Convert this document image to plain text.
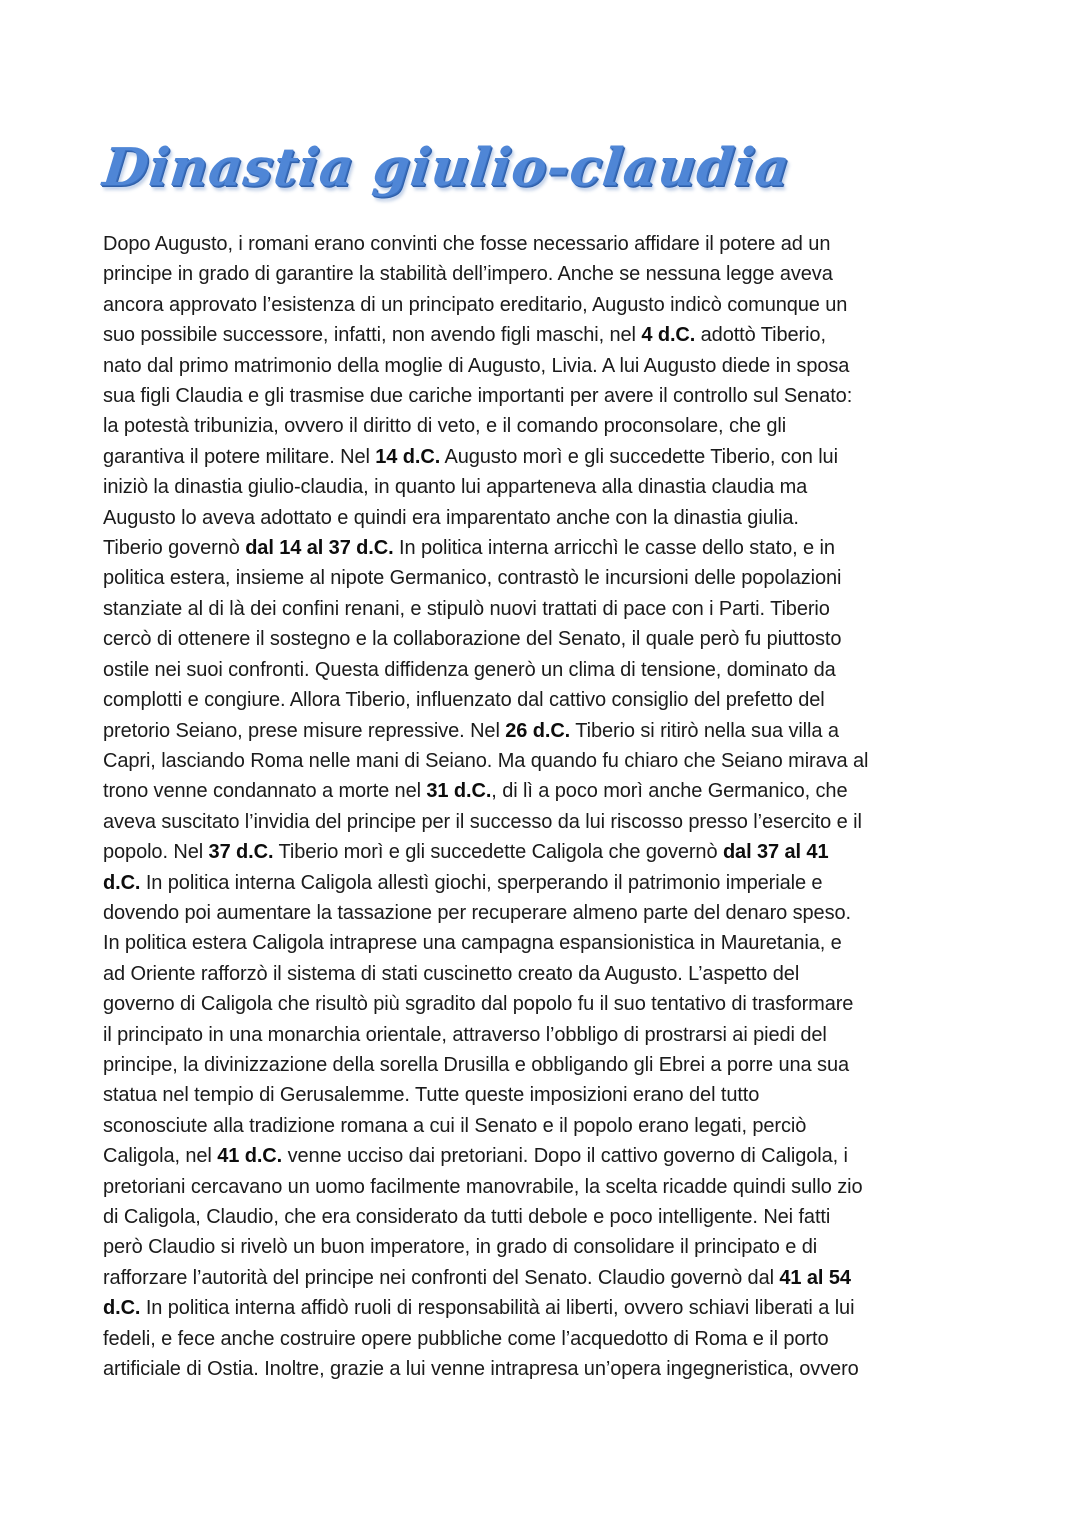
Dinastia giulio-claudia
Dopo Augusto, i romani erano convinti che fosse necessario affidare il potere ad un
principe in grado di garantire la stabilità dell’impero. Anche se nessuna legge aveva
ancora approvato l’esistenza di un principato ereditario, Augusto indicò comunque un
suo possibile successore, infatti, non avendo figli maschi, nel 4 d.C. adottò Tiberio,
nato dal primo matrimonio della moglie di Augusto, Livia. A lui Augusto diede in sposa
sua figli Claudia e gli trasmise due cariche importanti per avere il controllo sul Senato:
la potestà tribunizia, ovvero il diritto di veto, e il comando proconsolare, che gli
garantiva il potere militare. Nel 14 d.C. Augusto morì e gli succedette Tiberio, con lui
iniziò la dinastia giulio-claudia, in quanto lui apparteneva alla dinastia claudia ma
Augusto lo aveva adottato e quindi era imparentato anche con la dinastia giulia.
Tiberio governò dal 14 al 37 d.C. In politica interna arricchì le casse dello stato, e in
politica estera, insieme al nipote Germanico, contrastò le incursioni delle popolazioni
stanziate al di là dei confini renani, e stipulò nuovi trattati di pace con i Parti. Tiberio
cercò di ottenere il sostegno e la collaborazione del Senato, il quale però fu piuttosto
ostile nei suoi confronti. Questa diffidenza generò un clima di tensione, dominato da
complotti e congiure. Allora Tiberio, influenzato dal cattivo consiglio del prefetto del
pretorio Seiano, prese misure repressive. Nel 26 d.C. Tiberio si ritirò nella sua villa a
Capri, lasciando Roma nelle mani di Seiano. Ma quando fu chiaro che Seiano mirava al
trono venne condannato a morte nel 31 d.C., di lì a poco morì anche Germanico, che
aveva suscitato l’invidia del principe per il successo da lui riscosso presso l’esercito e il
popolo. Nel 37 d.C. Tiberio morì e gli succedette Caligola che governò dal 37 al 41
d.C. In politica interna Caligola allestì giochi, sperperando il patrimonio imperiale e
dovendo poi aumentare la tassazione per recuperare almeno parte del denaro speso.
In politica estera Caligola intraprese una campagna espansionistica in Mauretania, e
ad Oriente rafforzò il sistema di stati cuscinetto creato da Augusto. L’aspetto del
governo di Caligola che risultò più sgradito dal popolo fu il suo tentativo di trasformare
il principato in una monarchia orientale, attraverso l’obbligo di prostrarsi ai piedi del
principe, la divinizzazione della sorella Drusilla e obbligando gli Ebrei a porre una sua
statua nel tempio di Gerusalemme. Tutte queste imposizioni erano del tutto
sconosciute alla tradizione romana a cui il Senato e il popolo erano legati, perciò
Caligola, nel 41 d.C. venne ucciso dai pretoriani. Dopo il cattivo governo di Caligola, i
pretoriani cercavano un uomo facilmente manovrabile, la scelta ricadde quindi sullo zio
di Caligola, Claudio, che era considerato da tutti debole e poco intelligente. Nei fatti
però Claudio si rivelò un buon imperatore, in grado di consolidare il principato e di
rafforzare l’autorità del principe nei confronti del Senato. Claudio governò dal 41 al 54
d.C. In politica interna affidò ruoli di responsabilità ai liberti, ovvero schiavi liberati a lui
fedeli, e fece anche costruire opere pubbliche come l’acquedotto di Roma e il porto
artificiale di Ostia. Inoltre, grazie a lui venne intrapresa un’opera ingegneristica, ovvero
